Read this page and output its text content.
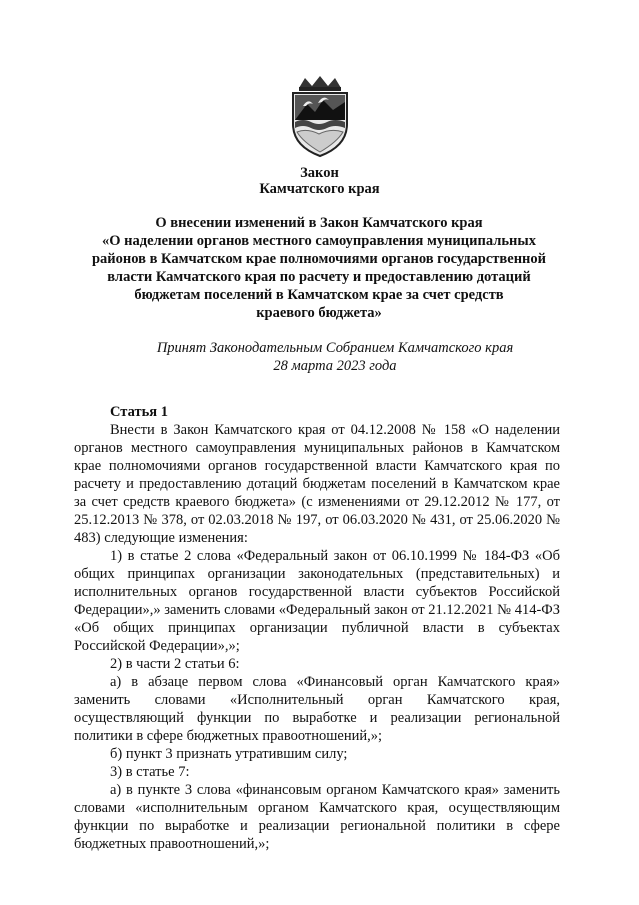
Закон
Камчатского края
О внесении изменений в Закон Камчатского края
«О наделении органов местного самоуправления муниципальных
районов в Камчатском крае полномочиями органов государственной
власти Камчатского края по расчету и предоставлению дотаций
бюджетам поселений в Камчатском крае за счет средств
краевого бюджета»
Принят Законодательным Собранием Камчатского края
28 марта 2023 года
Статья 1

Внести в Закон Камчатского края от 04.12.2008 № 158 «О наделении органов местного самоуправления муниципальных районов в Камчатском крае полномочиями органов государственной власти Камчатского края по расчету и предоставлению дотаций бюджетам поселений в Камчатском крае за счет средств краевого бюджета» (с изменениями от 29.12.2012 № 177, от 25.12.2013 № 378, от 02.03.2018 № 197, от 06.03.2020 № 431, от 25.06.2020 № 483) следующие изменения:

1) в статье 2 слова «Федеральный закон от 06.10.1999 № 184-ФЗ «Об общих принципах организации законодательных (представительных) и исполнительных органов государственной власти субъектов Российской Федерации»,» заменить словами «Федеральный закон от 21.12.2021 № 414-ФЗ «Об общих принципах организации публичной власти в субъектах Российской Федерации»,»;

2) в части 2 статьи 6:

а) в абзаце первом слова «Финансовый орган Камчатского края» заменить словами «Исполнительный орган Камчатского края, осуществляющий функции по выработке и реализации региональной политики в сфере бюджетных правоотношений,»;

б) пункт 3 признать утратившим силу;

3) в статье 7:

а) в пункте 3 слова «финансовым органом Камчатского края» заменить словами «исполнительным органом Камчатского края, осуществляющим функции по выработке и реализации региональной политики в сфере бюджетных правоотношений,»;
